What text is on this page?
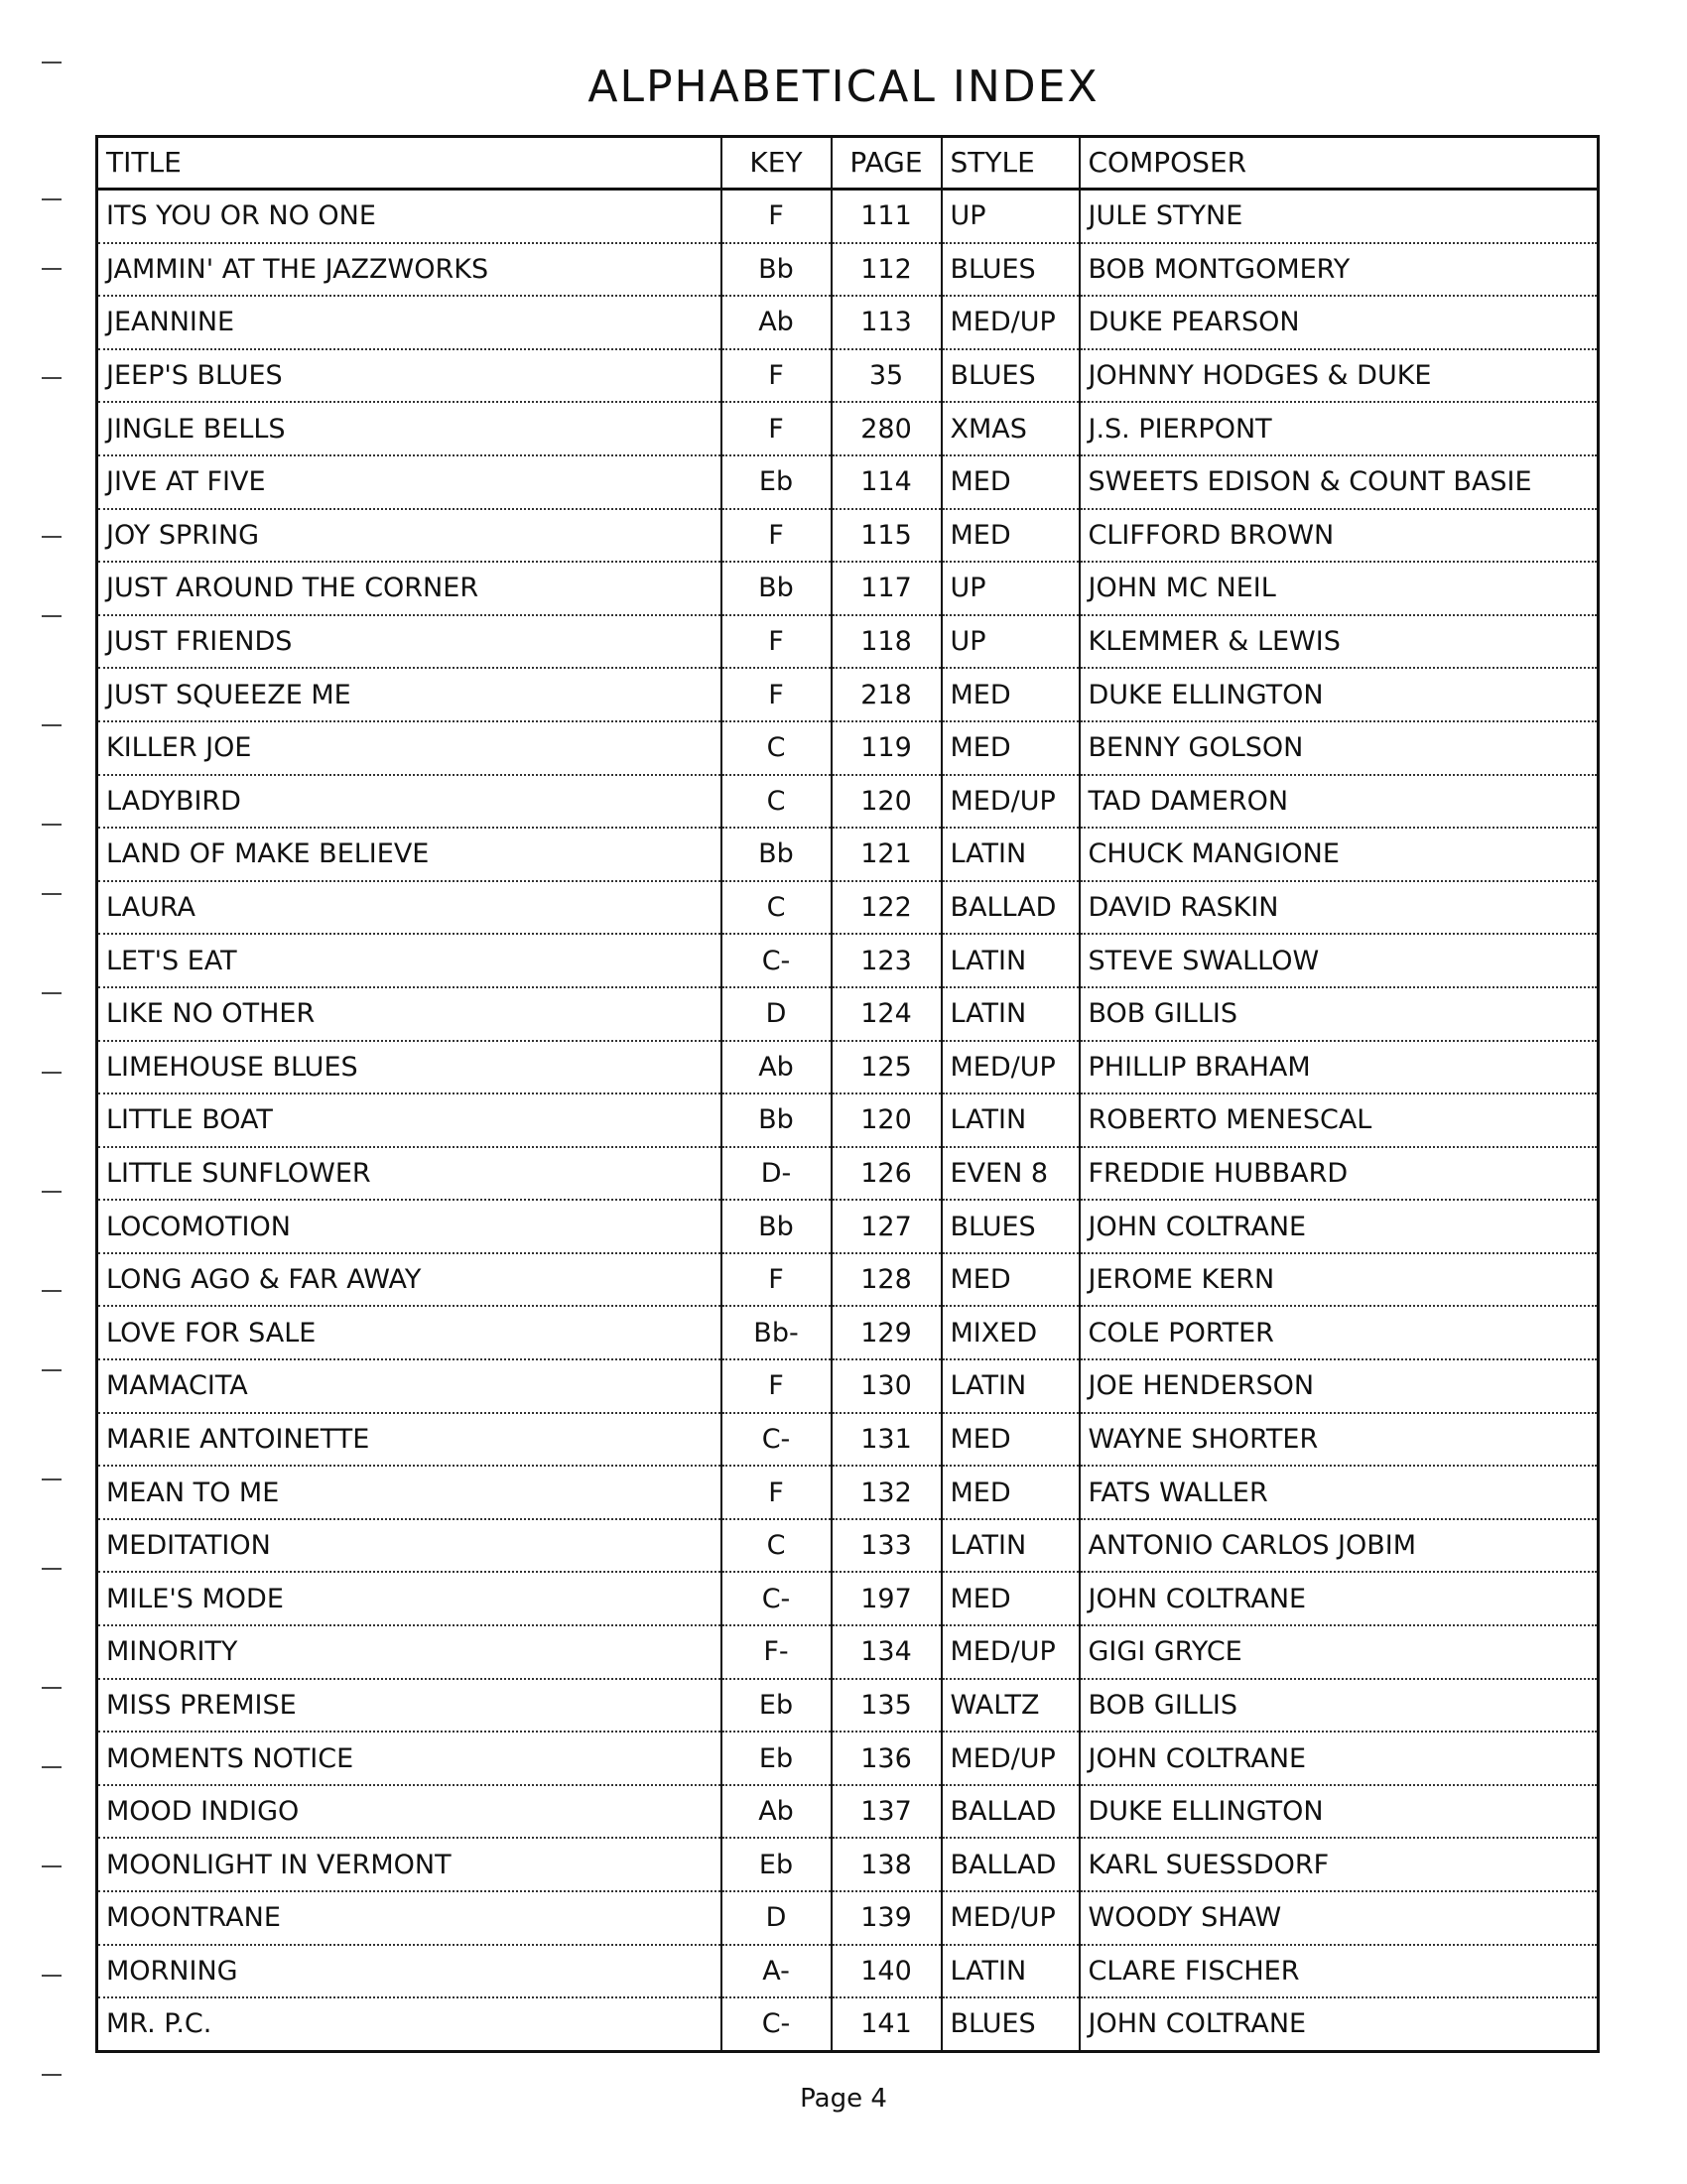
ALPHABETICAL INDEX
TITLE	KEY	PAGE	STYLE	COMPOSER
ITS YOU OR NO ONE	F	111	UP	JULE STYNE
JAMMIN' AT THE JAZZWORKS	Bb	112	BLUES	BOB MONTGOMERY
JEANNINE	Ab	113	MED/UP	DUKE PEARSON
JEEP'S BLUES	F	35	BLUES	JOHNNY HODGES & DUKE
JINGLE BELLS	F	280	XMAS	J.S. PIERPONT
JIVE AT FIVE	Eb	114	MED	SWEETS EDISON & COUNT BASIE
JOY SPRING	F	115	MED	CLIFFORD BROWN
JUST AROUND THE CORNER	Bb	117	UP	JOHN MC NEIL
JUST FRIENDS	F	118	UP	KLEMMER & LEWIS
JUST SQUEEZE ME	F	218	MED	DUKE ELLINGTON
KILLER JOE	C	119	MED	BENNY GOLSON
LADYBIRD	C	120	MED/UP	TAD DAMERON
LAND OF MAKE BELIEVE	Bb	121	LATIN	CHUCK MANGIONE
LAURA	C	122	BALLAD	DAVID RASKIN
LET'S EAT	C-	123	LATIN	STEVE SWALLOW
LIKE NO OTHER	D	124	LATIN	BOB GILLIS
LIMEHOUSE BLUES	Ab	125	MED/UP	PHILLIP BRAHAM
LITTLE BOAT	Bb	120	LATIN	ROBERTO MENESCAL
LITTLE SUNFLOWER	D-	126	EVEN 8	FREDDIE HUBBARD
LOCOMOTION	Bb	127	BLUES	JOHN COLTRANE
LONG AGO & FAR AWAY	F	128	MED	JEROME KERN
LOVE FOR SALE	Bb-	129	MIXED	COLE PORTER
MAMACITA	F	130	LATIN	JOE HENDERSON
MARIE ANTOINETTE	C-	131	MED	WAYNE SHORTER
MEAN TO ME	F	132	MED	FATS WALLER
MEDITATION	C	133	LATIN	ANTONIO CARLOS JOBIM
MILE'S MODE	C-	197	MED	JOHN COLTRANE
MINORITY	F-	134	MED/UP	GIGI GRYCE
MISS PREMISE	Eb	135	WALTZ	BOB GILLIS
MOMENTS NOTICE	Eb	136	MED/UP	JOHN COLTRANE
MOOD INDIGO	Ab	137	BALLAD	DUKE ELLINGTON
MOONLIGHT IN VERMONT	Eb	138	BALLAD	KARL SUESSDORF
MOONTRANE	D	139	MED/UP	WOODY SHAW
MORNING	A-	140	LATIN	CLARE FISCHER
MR. P.C.	C-	141	BLUES	JOHN COLTRANE
Page 4
